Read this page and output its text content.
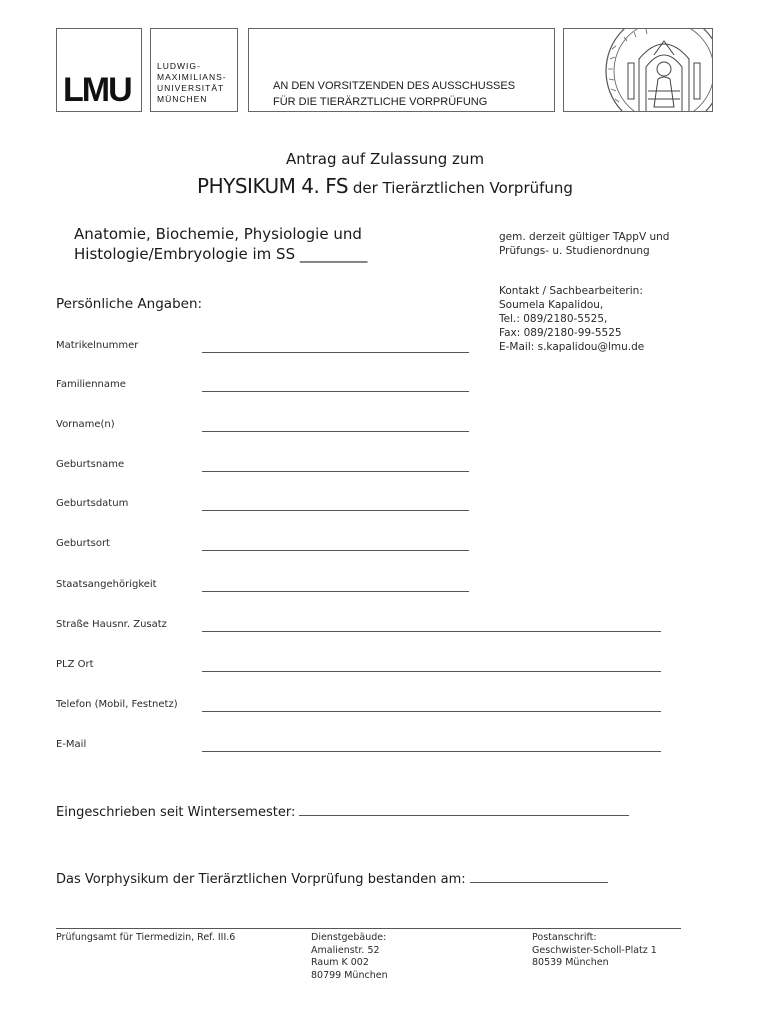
LMU
LUDWIG-
MAXIMILIANS-
UNIVERSITÄT
MÜNCHEN
AN DEN VORSITZENDEN DES AUSSCHUSSES
FÜR DIE TIERÄRZTLICHE VORPRÜFUNG
Antrag auf Zulassung zum
PHYSIKUM 4. FS der Tierärztlichen Vorprüfung
Anatomie, Biochemie, Physiologie und
Histologie/Embryologie im SS _________
gem. derzeit gültiger TAppV und
Prüfungs- u. Studienordnung
Kontakt / Sachbearbeiterin:
Soumela Kapalidou,
Tel.: 089/2180-5525,
Fax: 089/2180-99-5525
E-Mail: s.kapalidou@lmu.de
Persönliche Angaben:
Matrikelnummer
Familienname
Vorname(n)
Geburtsname
Geburtsdatum
Geburtsort
Staatsangehörigkeit
Straße Hausnr. Zusatz
PLZ Ort
Telefon (Mobil, Festnetz)
E-Mail
Eingeschrieben seit Wintersemester:
Das Vorphysikum der Tierärztlichen Vorprüfung bestanden am:
Prüfungsamt für Tiermedizin, Ref. III.6	Dienstgebäude:
Amalienstr. 52
Raum K 002
80799 München
Postanschrift:
Geschwister-Scholl-Platz 1
80539 München
